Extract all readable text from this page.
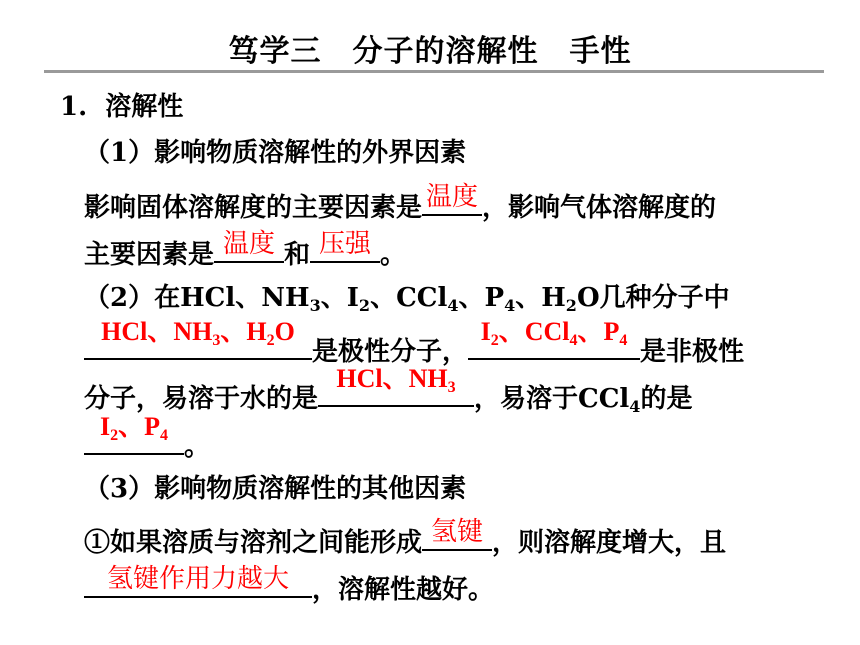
笃学三　分子的溶解性　手性
1. 溶解性
（1）影响物质溶解性的外界因素
影响固体溶解度的主要因素是 温度 ，影响气体溶解度的
主要因素是 温度 和 压强 。
（2）在HCl、$NH_3$、$I_2$、CCl$_4$、$P_4$、$H_2O$几种分子中
HCl、$NH_3$、$H_2O$
是极性分子，
$I_2$、CCl$_4$、$P_4$ 是非极性
分子，易溶于水的是
HCl、$NH_3$ ，易溶于CCl$_4$的是
$I_2$、$P_4$ 。
（3）影响物质溶解性的其他因素
①如果溶质与溶剂之间能形成 氢键 ，则溶解度增大，且
氢键作用力越大 ，溶解性越好。
